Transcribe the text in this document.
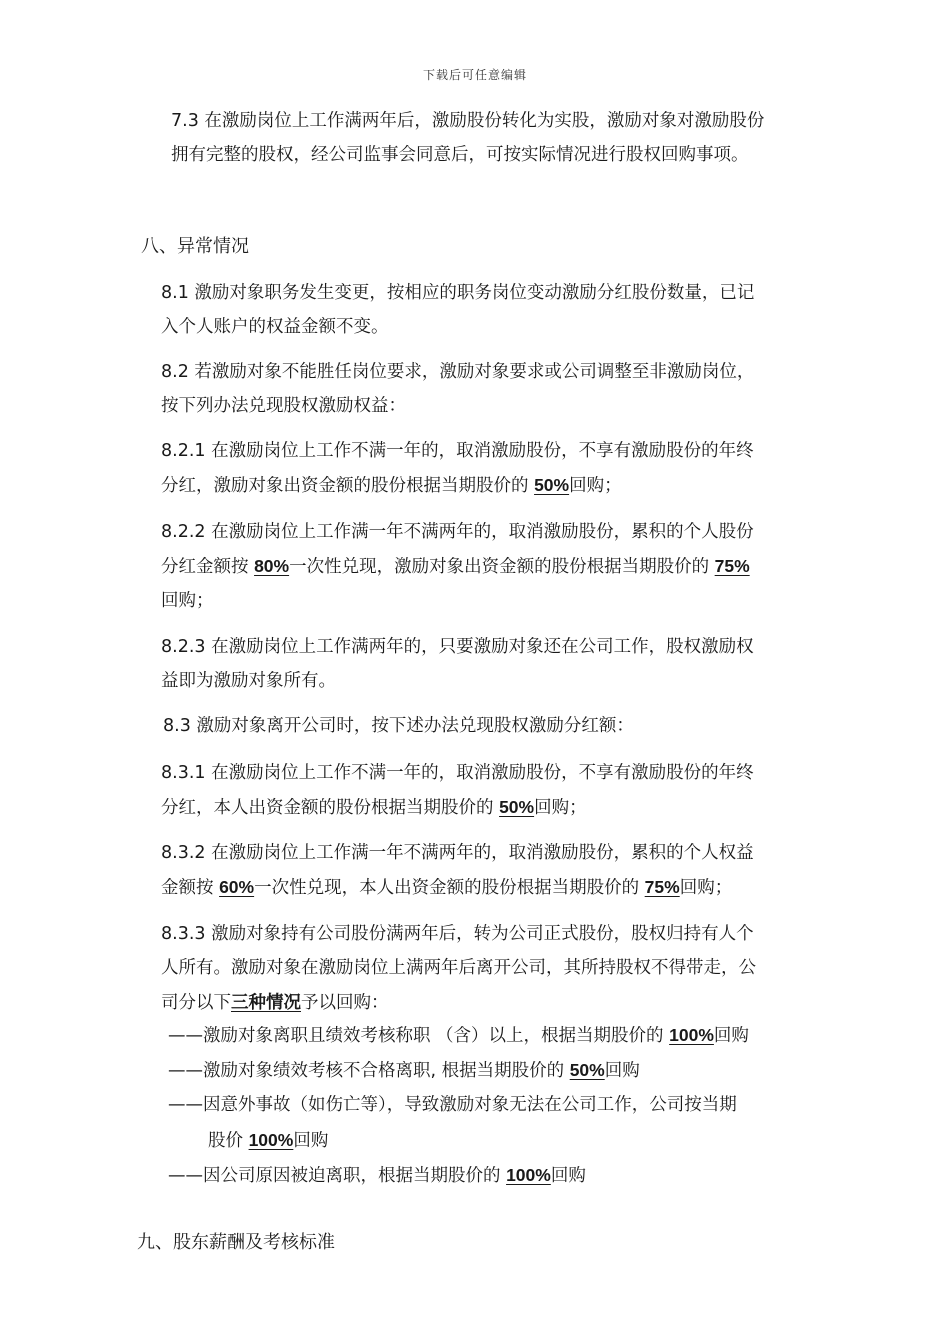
下载后可任意编辑
7.3 在激励岗位上工作满两年后，激励股份转化为实股，激励对象对激励股份
拥有完整的股权，经公司监事会同意后，可按实际情况进行股权回购事项。
八、异常情况
8.1 激励对象职务发生变更，按相应的职务岗位变动激励分红股份数量，已记
入个人账户的权益金额不变。
8.2 若激励对象不能胜任岗位要求，激励对象要求或公司调整至非激励岗位，
按下列办法兑现股权激励权益：
8.2.1 在激励岗位上工作不满一年的，取消激励股份，不享有激励股份的年终
分红，激励对象出资金额的股份根据当期股价的 50%回购；
8.2.2 在激励岗位上工作满一年不满两年的，取消激励股份，累积的个人股份
分红金额按 80%一次性兑现，激励对象出资金额的股份根据当期股价的 75%
回购；
8.2.3 在激励岗位上工作满两年的，只要激励对象还在公司工作，股权激励权
益即为激励对象所有。
8.3 激励对象离开公司时，按下述办法兑现股权激励分红额：
8.3.1 在激励岗位上工作不满一年的，取消激励股份，不享有激励股份的年终
分红，本人出资金额的股份根据当期股价的 50%回购；
8.3.2 在激励岗位上工作满一年不满两年的，取消激励股份，累积的个人权益
金额按 60%一次性兑现，本人出资金额的股份根据当期股价的 75%回购；
8.3.3 激励对象持有公司股份满两年后，转为公司正式股份，股权归持有人个
人所有。激励对象在激励岗位上满两年后离开公司，其所持股权不得带走，公
司分以下三种情况予以回购：
——激励对象离职且绩效考核称职 （含）以上，根据当期股价的 100%回购
——激励对象绩效考核不合格离职, 根据当期股价的 50%回购
——因意外事故（如伤亡等），导致激励对象无法在公司工作，公司按当期
股价 100%回购
——因公司原因被迫离职，根据当期股价的 100%回购
九、股东薪酬及考核标准
